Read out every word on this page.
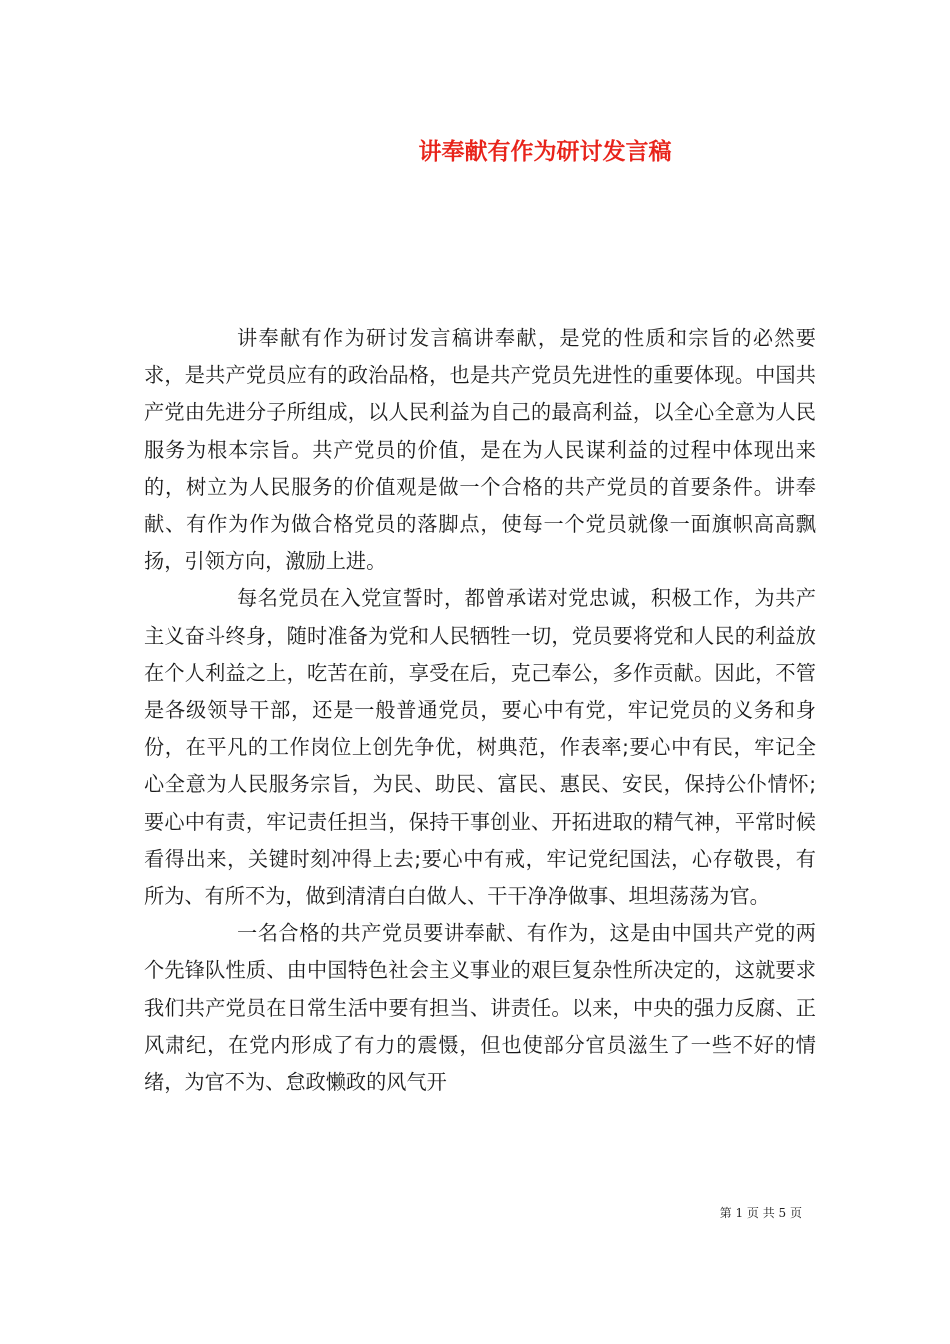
讲奉献有作为研讨发言稿

讲奉献有作为研讨发言稿讲奉献，是党的性质和宗旨的必然要求，是共产党员应有的政治品格，也是共产党员先进性的重要体现。中国共产党由先进分子所组成，以人民利益为自己的最高利益，以全心全意为人民服务为根本宗旨。共产党员的价值，是在为人民谋利益的过程中体现出来的，树立为人民服务的价值观是做一个合格的共产党员的首要条件。讲奉献、有作为作为做合格党员的落脚点，使每一个党员就像一面旗帜高高飘扬，引领方向，激励上进。

每名党员在入党宣誓时，都曾承诺对党忠诚，积极工作，为共产主义奋斗终身，随时准备为党和人民牺牲一切，党员要将党和人民的利益放在个人利益之上，吃苦在前，享受在后，克己奉公，多作贡献。因此，不管是各级领导干部，还是一般普通党员，要心中有党，牢记党员的义务和身份，在平凡的工作岗位上创先争优，树典范，作表率;要心中有民，牢记全心全意为人民服务宗旨，为民、助民、富民、惠民、安民，保持公仆情怀;要心中有责，牢记责任担当，保持干事创业、开拓进取的精气神，平常时候看得出来，关键时刻冲得上去;要心中有戒，牢记党纪国法，心存敬畏，有所为、有所不为，做到清清白白做人、干干净净做事、坦坦荡荡为官。

一名合格的共产党员要讲奉献、有作为，这是由中国共产党的两个先锋队性质、由中国特色社会主义事业的艰巨复杂性所决定的，这就要求我们共产党员在日常生活中要有担当、讲责任。以来，中央的强力反腐、正风肃纪，在党内形成了有力的震慑，但也使部分官员滋生了一些不好的情绪，为官不为、怠政懒政的风气开

第 1 页 共 5 页
